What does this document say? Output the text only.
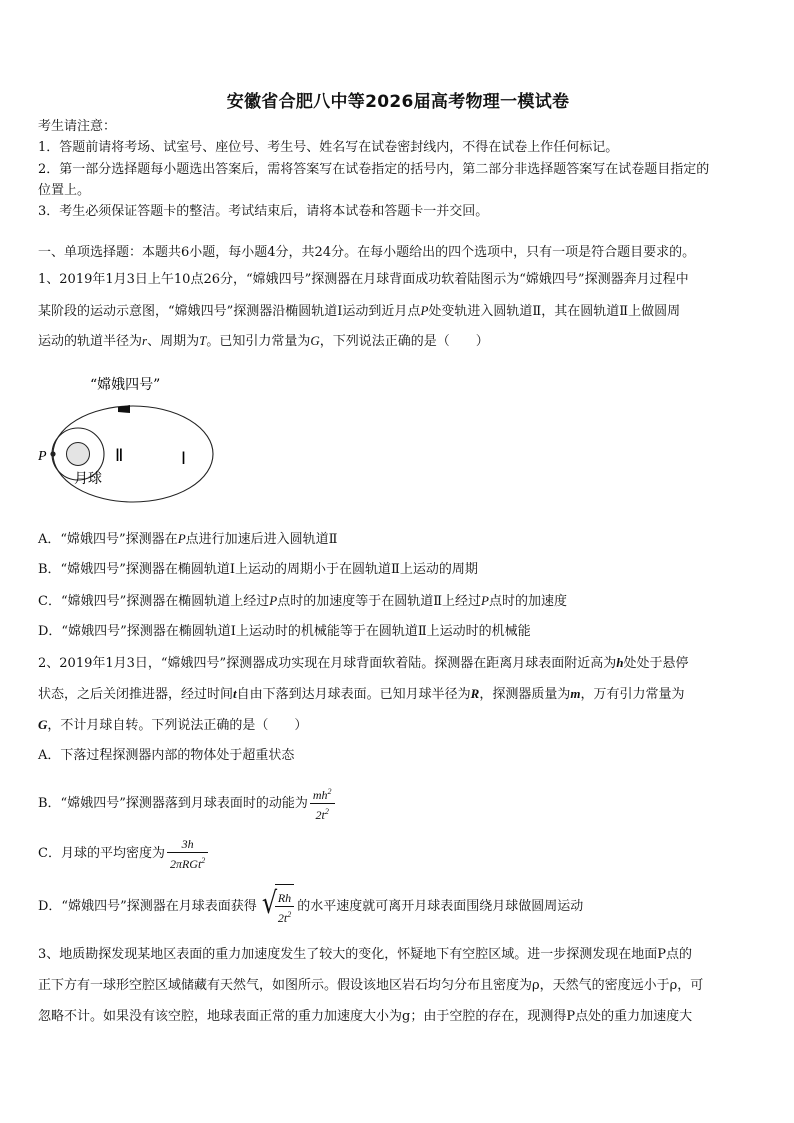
安徽省合肥八中等2026届高考物理一模试卷
考生请注意：
1．答题前请将考场、试室号、座位号、考生号、姓名写在试卷密封线内，不得在试卷上作任何标记。
2．第一部分选择题每小题选出答案后，需将答案写在试卷指定的括号内，第二部分非选择题答案写在试卷题目指定的
位置上。
3．考生必须保证答题卡的整洁。考试结束后，请将本试卷和答题卡一并交回。
一、单项选择题：本题共6小题，每小题4分，共24分。在每小题给出的四个选项中，只有一项是符合题目要求的。
1、2019年1月3日上午10点26分，“嫦娥四号”探测器在月球背面成功软着陆图示为“嫦娥四号”探测器奔月过程中
某阶段的运动示意图，“嫦娥四号”探测器沿椭圆轨道Ⅰ运动到近月点P处变轨进入圆轨道Ⅱ，其在圆轨道Ⅱ上做圆周
运动的轨道半径为r、周期为T。已知引力常量为G，下列说法正确的是（　　）
“嫦娥四号”
P	Ⅱ	Ⅰ
月球
A．“嫦娥四号”探测器在P点进行加速后进入圆轨道Ⅱ
B．“嫦娥四号”探测器在椭圆轨道Ⅰ上运动的周期小于在圆轨道Ⅱ上运动的周期
C．“嫦娥四号”探测器在椭圆轨道上经过P点时的加速度等于在圆轨道Ⅱ上经过P点时的加速度
D．“嫦娥四号”探测器在椭圆轨道Ⅰ上运动时的机械能等于在圆轨道Ⅱ上运动时的机械能
2、2019年1月3日，“嫦娥四号”探测器成功实现在月球背面软着陆。探测器在距离月球表面附近高为h处处于悬停
状态，之后关闭推进器，经过时间t自由下落到达月球表面。已知月球半径为R，探测器质量为m，万有引力常量为
G，不计月球自转。下列说法正确的是（　　）
A．下落过程探测器内部的物体处于超重状态
B．“嫦娥四号”探测器落到月球表面时的动能为 $\frac{mh^2}{2t^2}$
C．月球的平均密度为 $\frac{3h}{2\pi RGt^2}$
D．“嫦娥四号”探测器在月球表面获得 √
$\frac{Rh}{2t^2}$ 的水平速度就可离开月球表面围绕月球做圆周运动
3、地质勘探发现某地区表面的重力加速度发生了较大的变化，怀疑地下有空腔区域。进一步探测发现在地面P点的
正下方有一球形空腔区域储藏有天然气，如图所示。假设该地区岩石均匀分布且密度为ρ，天然气的密度远小于ρ，可
忽略不计。如果没有该空腔，地球表面正常的重力加速度大小为g；由于空腔的存在，现测得P点处的重力加速度大
